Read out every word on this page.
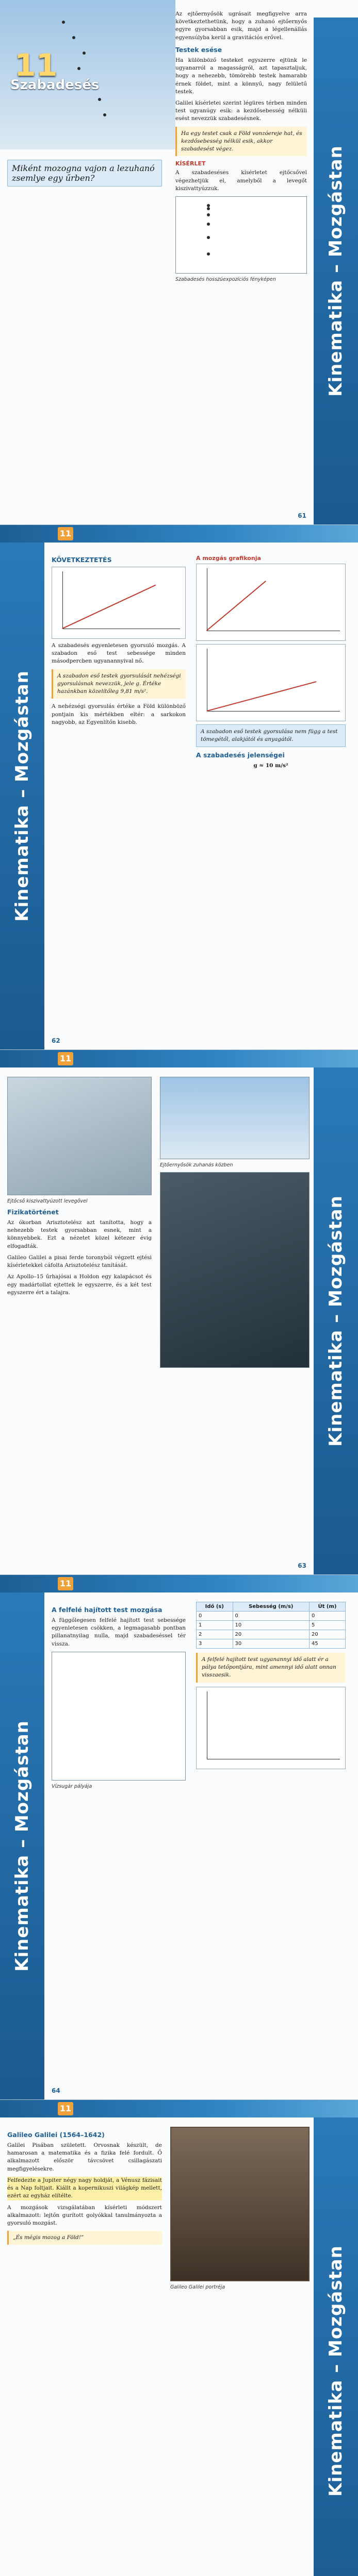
11
Szabadesés
Miként mozogna vajon a lezuhanó zsemlye egy űrben?

Az ejtőernyősök ugrásait megfigyelve arra következtethetünk, hogy a zuhanó ejtőernyős egyre gyorsabban esik, majd a légellenállás egyensúlyba kerül a gravitációs erővel.

Testek esése

Ha különböző testeket egyszerre ejtünk le ugyanarról a magasságról, azt tapasztaljuk, hogy a nehezebb, tömörebb testek hamarabb érnek földet, mint a könnyű, nagy felületű testek.

Galilei kísérletei szerint légüres térben minden test ugyanúgy esik: a kezdősebesség nélküli esést nevezzük szabadesésnek.

Ha egy testet csak a Föld vonzóereje hat, és kezdősebesség nélkül esik, akkor szabadesést végez.
KÍSÉRLET

A szabadeséses kísérletet ejtőcsővel végezhetjük el, amelyből a levegőt kiszivattyúzzuk.

Szabadesés hosszúexpozíciós fényképen	Kinematika – Mozgástan
61
11
Kinematika – Mozgástan
KÖVETKEZTETÉS

A szabadesés egyenletesen gyorsuló mozgás. A szabadon eső test sebessége minden másodpercben ugyanannyival nő.

A szabadon eső testek gyorsulását nehézségi gyorsulásnak nevezzük, jele g. Értéke hazánkban közelítőleg 9,81 m/s².

A nehézségi gyorsulás értéke a Föld különböző pontjain kis mértékben eltér: a sarkokon nagyobb, az Egyenlítőn kisebb.

A mozgás grafikonja
A szabadon eső testek gyorsulása nem függ a test tömegétől, alakjától és anyagától.
A szabadesés jelenségei

g ≈ 10 m/s²

62
11
Ejtőcső kiszivattyúzott levegővel
Fizikatörténet

Az ókorban Arisztotelész azt tanította, hogy a nehezebb testek gyorsabban esnek, mint a könnyebbek. Ezt a nézetet közel kétezer évig elfogadták.

Galileo Galilei a pisai ferde toronyból végzett ejtési kísérletekkel cáfolta Arisztotelész tanítását.

Az Apollo–15 űrhajósai a Holdon egy kalapácsot és egy madártollat ejtettek le egyszerre, és a két test egyszerre ért a talajra.

Ejtőernyősök zuhanás közben
Kinematika – Mozgástan
63
11
Kinematika – Mozgástan
A felfelé hajított test mozgása

A függőlegesen felfelé hajított test sebessége egyenletesen csökken, a legmagasabb pontban pillanatnyilag nulla, majd szabadeséssel tér vissza.

Vízsugár pályája
Idő (s)	Sebesség (m/s)	Út (m)
0	0	0
1	10	5
2	20	20
3	30	45
A felfelé hajított test ugyanannyi idő alatt ér a pálya tetőpontjára, mint amennyi idő alatt onnan visszaesik.
64
11
Galileo Galilei (1564–1642)

Galilei Pisában született. Orvosnak készült, de hamarosan a matematika és a fizika felé fordult. Ő alkalmazott először távcsövet csillagászati megfigyelésekre.

Felfedezte a Jupiter négy nagy holdját, a Vénusz fázisait és a Nap foltjait. Kiállt a kopernikuszi világkép mellett, ezért az egyház elítélte.

A mozgások vizsgálatában kísérleti módszert alkalmazott: lejtőn gurított golyókkal tanulmányozta a gyorsuló mozgást.

„És mégis mozog a Föld!”
Galileo Galilei portréja	Kinematika – Mozgástan
